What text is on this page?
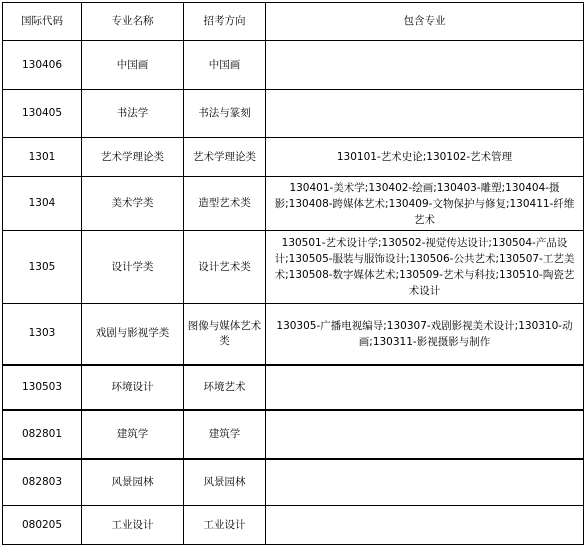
国际代码	专业名称	招考方向	包含专业
130406	中国画	中国画	
130405	书法学	书法与篆刻	
1301	艺术学理论类	艺术学理论类	130101-艺术史论;130102-艺术管理
1304	美术学类	造型艺术类	130401-美术学;130402-绘画;130403-雕塑;130404-摄影;130408-跨媒体艺术;130409-文物保护与修复;130411-纤维艺术
1305	设计学类	设计艺术类	130501-艺术设计学;130502-视觉传达设计;130504-产品设计;130505-服装与服饰设计;130506-公共艺术;130507-工艺美术;130508-数字媒体艺术;130509-艺术与科技;130510-陶瓷艺术设计
1303	戏剧与影视学类	图像与媒体艺术类	130305-广播电视编导;130307-戏剧影视美术设计;130310-动画;130311-影视摄影与制作
130503	环境设计	环境艺术	
082801	建筑学	建筑学	
082803	风景园林	风景园林	
080205	工业设计	工业设计	
